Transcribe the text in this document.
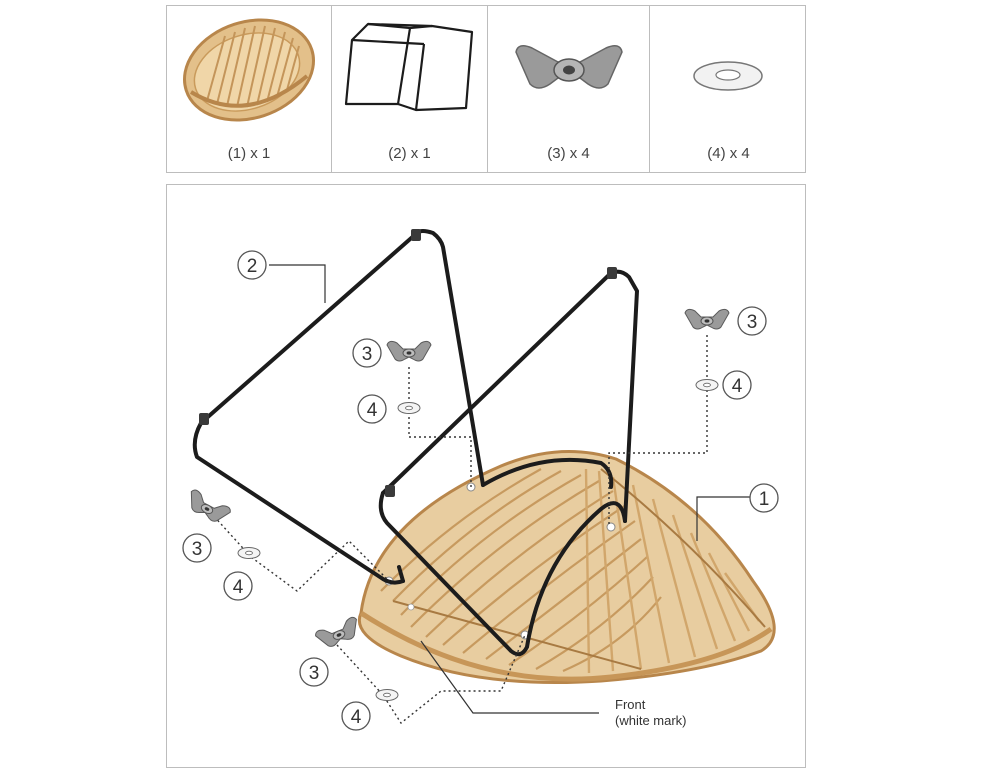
(1) x 1	(2) x 1	(3) x 4	(4) x 4
2
3
4
3
4
1
3
4
3
4
Front
(white mark)
